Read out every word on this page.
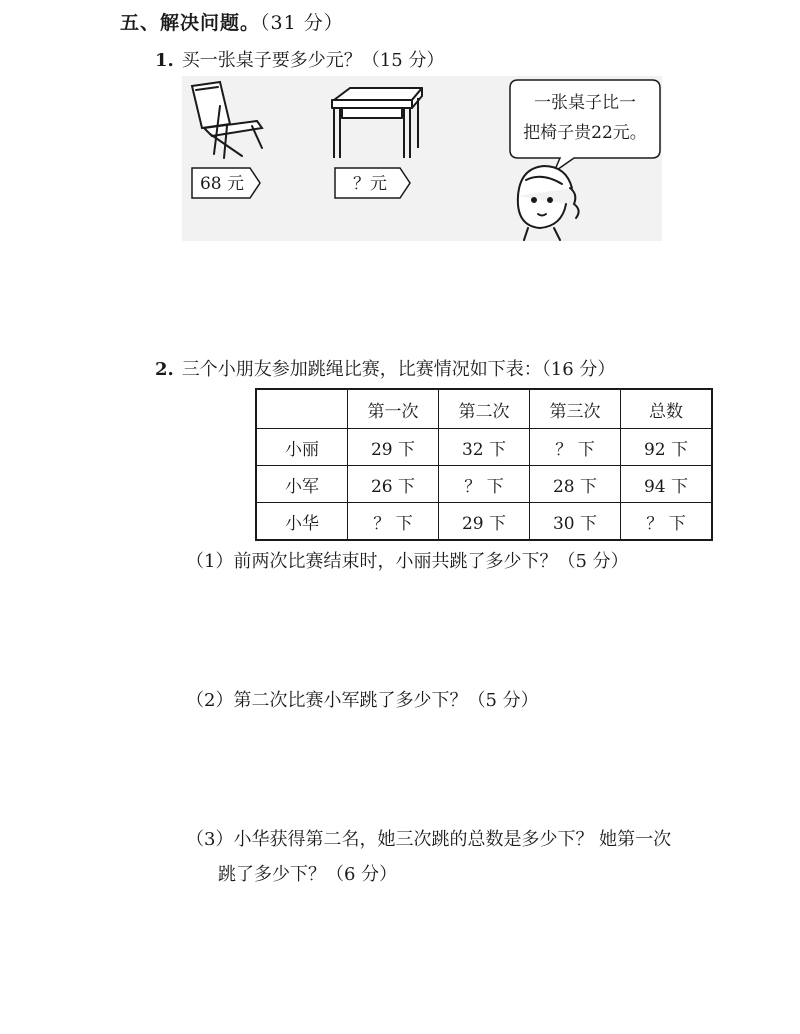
五、解决问题。（31 分）
1. 买一张桌子要多少元？（15 分）
68 元	？元
一张桌子比一
把椅子贵22元。
2. 三个小朋友参加跳绳比赛，比赛情况如下表：（16 分）
	第一次	第二次	第三次	总数
小丽	29 下	32 下	？ 下	92 下
小军	26 下	？ 下	28 下	94 下
小华	？ 下	29 下	30 下	？ 下
（1）前两次比赛结束时，小丽共跳了多少下？（5 分）
（2）第二次比赛小军跳了多少下？（5 分）
（3）小华获得第二名，她三次跳的总数是多少下？ 她第一次
跳了多少下？（6 分）
